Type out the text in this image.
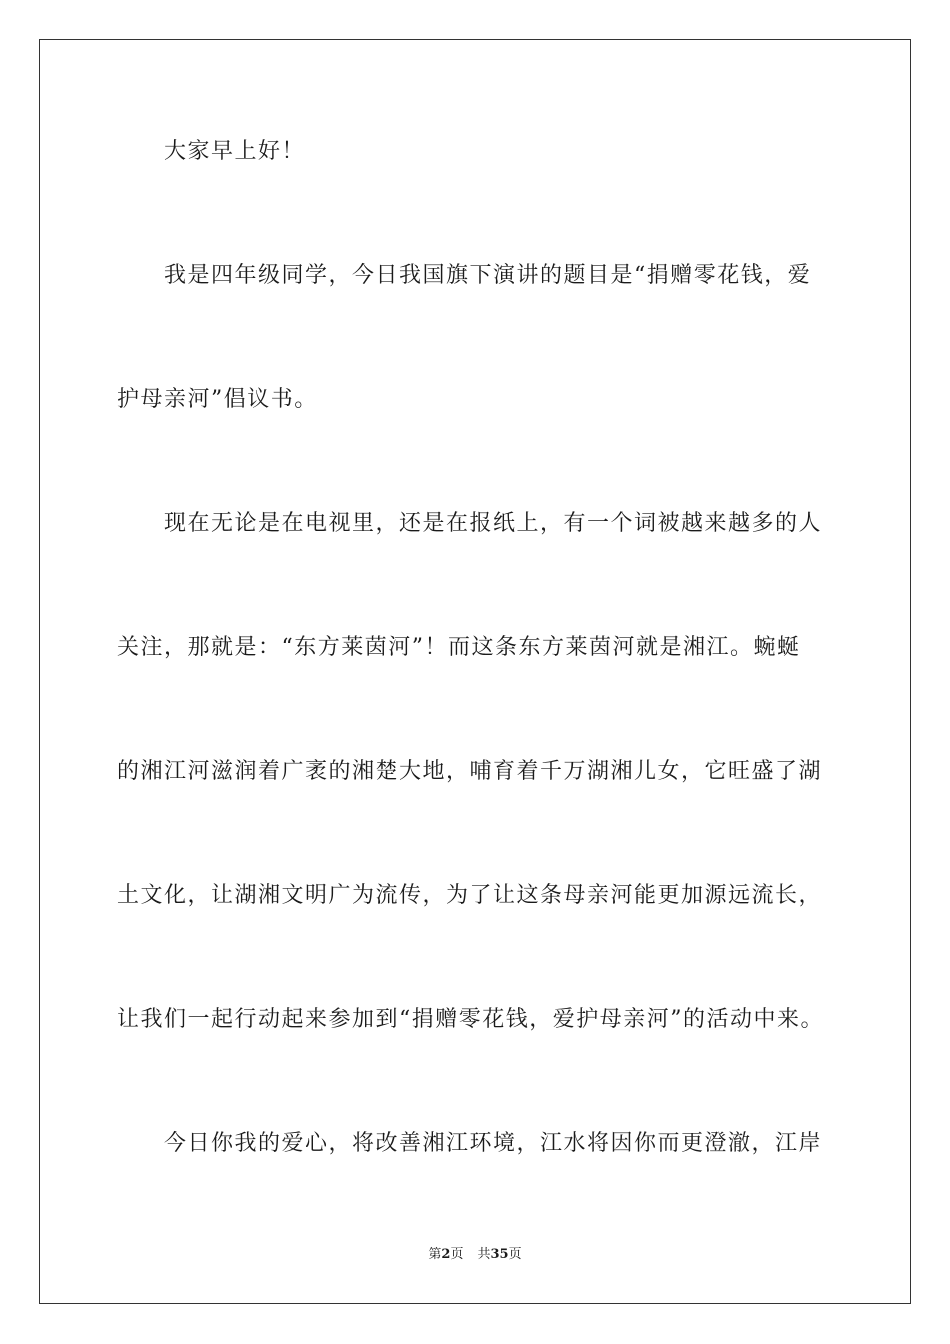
大家早上好！
我是四年级同学，今日我国旗下演讲的题目是“捐赠零花钱，爱
护母亲河”倡议书。
现在无论是在电视里，还是在报纸上，有一个词被越来越多的人
关注，那就是：“东方莱茵河”！而这条东方莱茵河就是湘江。蜿蜒
的湘江河滋润着广袤的湘楚大地，哺育着千万湖湘儿女，它旺盛了湖
土文化，让湖湘文明广为流传，为了让这条母亲河能更加源远流长，
让我们一起行动起来参加到“捐赠零花钱，爱护母亲河”的活动中来。
今日你我的爱心，将改善湘江环境，江水将因你而更澄澈，江岸
第2页 共35页
